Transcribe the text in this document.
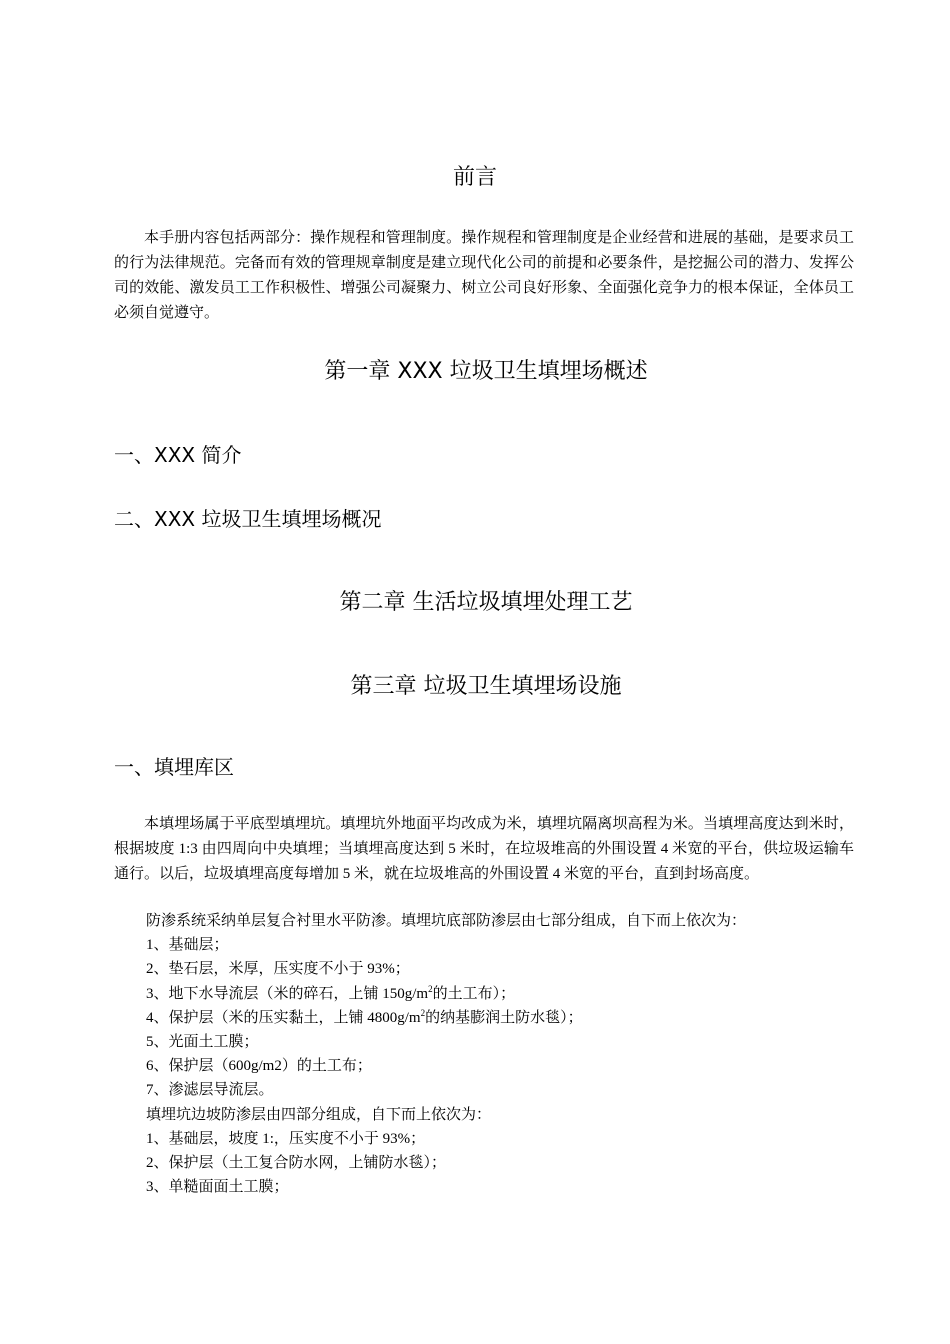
前言

本手册内容包括两部分：操作规程和管理制度。操作规程和管理制度是企业经营和进展的基础，是要求员工的行为法律规范。完备而有效的管理规章制度是建立现代化公司的前提和必要条件，是挖掘公司的潜力、发挥公司的效能、激发员工工作积极性、增强公司凝聚力、树立公司良好形象、全面强化竞争力的根本保证，全体员工必须自觉遵守。

第一章 XXX 垃圾卫生填埋场概述
一、XXX 简介
二、XXX 垃圾卫生填埋场概况
第二章 生活垃圾填埋处理工艺
第三章 垃圾卫生填埋场设施
一、填埋库区

本填埋场属于平底型填埋坑。填埋坑外地面平均改成为米，填埋坑隔离坝高程为米。当填埋高度达到米时，根据坡度 1:3 由四周向中央填埋；当填埋高度达到 5 米时，在垃圾堆高的外围设置 4 米宽的平台，供垃圾运输车通行。以后，垃圾填埋高度每增加 5 米，就在垃圾堆高的外围设置 4 米宽的平台，直到封场高度。

防渗系统采纳单层复合衬里水平防渗。填埋坑底部防渗层由七部分组成，自下而上依次为：
1、基础层；
2、垫石层，米厚，压实度不小于 93%；
3、地下水导流层（米的碎石，上铺 $150g/m^2$的土工布）；
4、保护层（米的压实黏土，上铺 $4800g/m^2$的纳基膨润土防水毯）；
5、光面土工膜；
6、保护层（600g/m2）的土工布；
7、渗滤层导流层。
填埋坑边坡防渗层由四部分组成，自下而上依次为：
1、基础层，坡度 1:，压实度不小于 93%；
2、保护层（土工复合防水网，上铺防水毯）；
3、单糙面面土工膜；
